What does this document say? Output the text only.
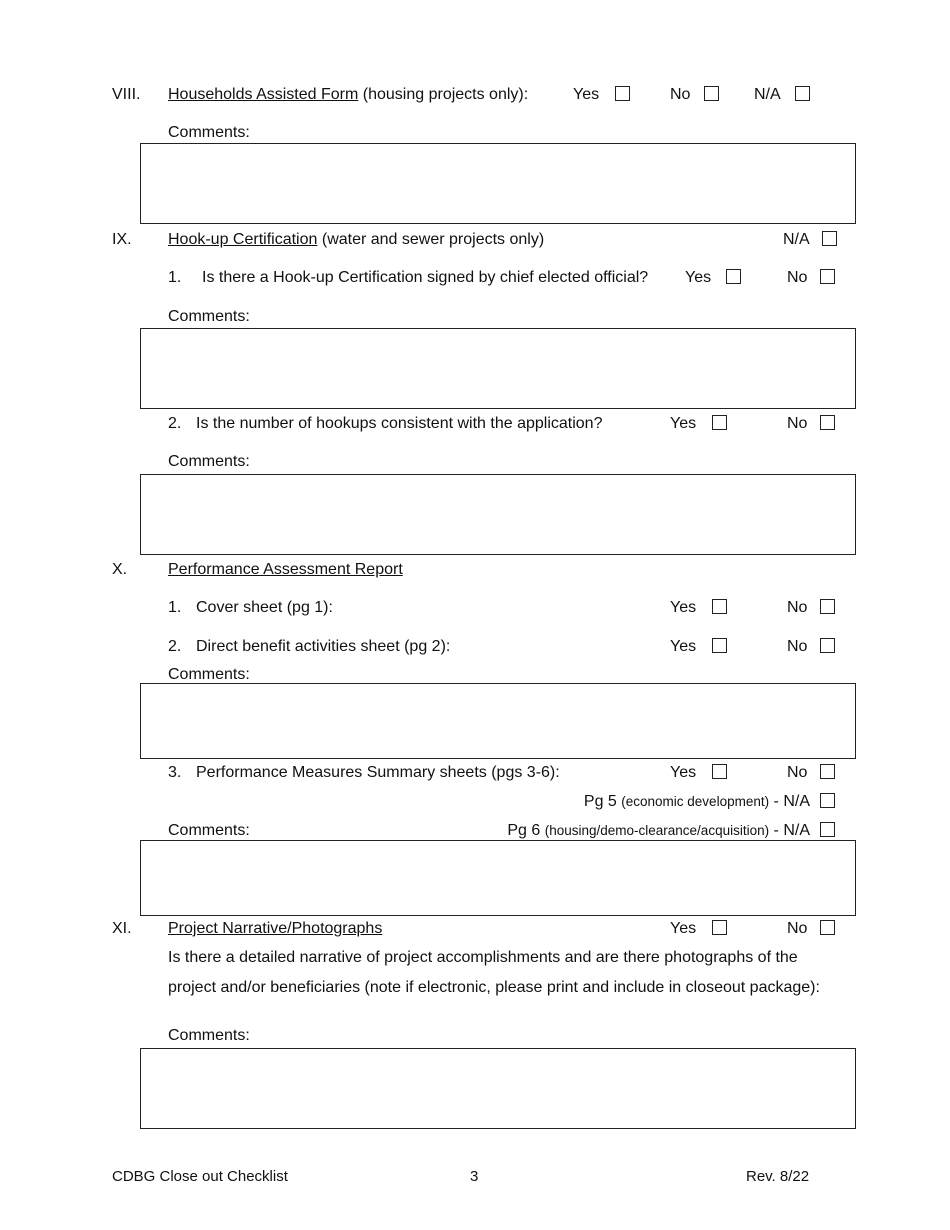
VIII. Households Assisted Form (housing projects only):	Yes	No	N/A
Comments:
IX. Hook-up Certification (water and sewer projects only)	N/A
1. Is there a Hook-up Certification signed by chief elected official? Yes	No
Comments:
2. Is the number of hookups consistent with the application?	Yes	No
Comments:
X.	Performance Assessment Report
1. Cover sheet (pg 1):	Yes	No
2. Direct benefit activities sheet (pg 2):	Yes	No
Comments:
3. Performance Measures Summary sheets (pgs 3-6):	Yes	No
Pg 5 (economic development) - N/A
Comments:	Pg 6 (housing/demo-clearance/acquisition) - N/A
XI. Project Narrative/Photographs	Yes	No
Is there a detailed narrative of project accomplishments and are there photographs of the
project and/or beneficiaries (note if electronic, please print and include in closeout package):
Comments:
CDBG Close out Checklist	3	Rev. 8/22
